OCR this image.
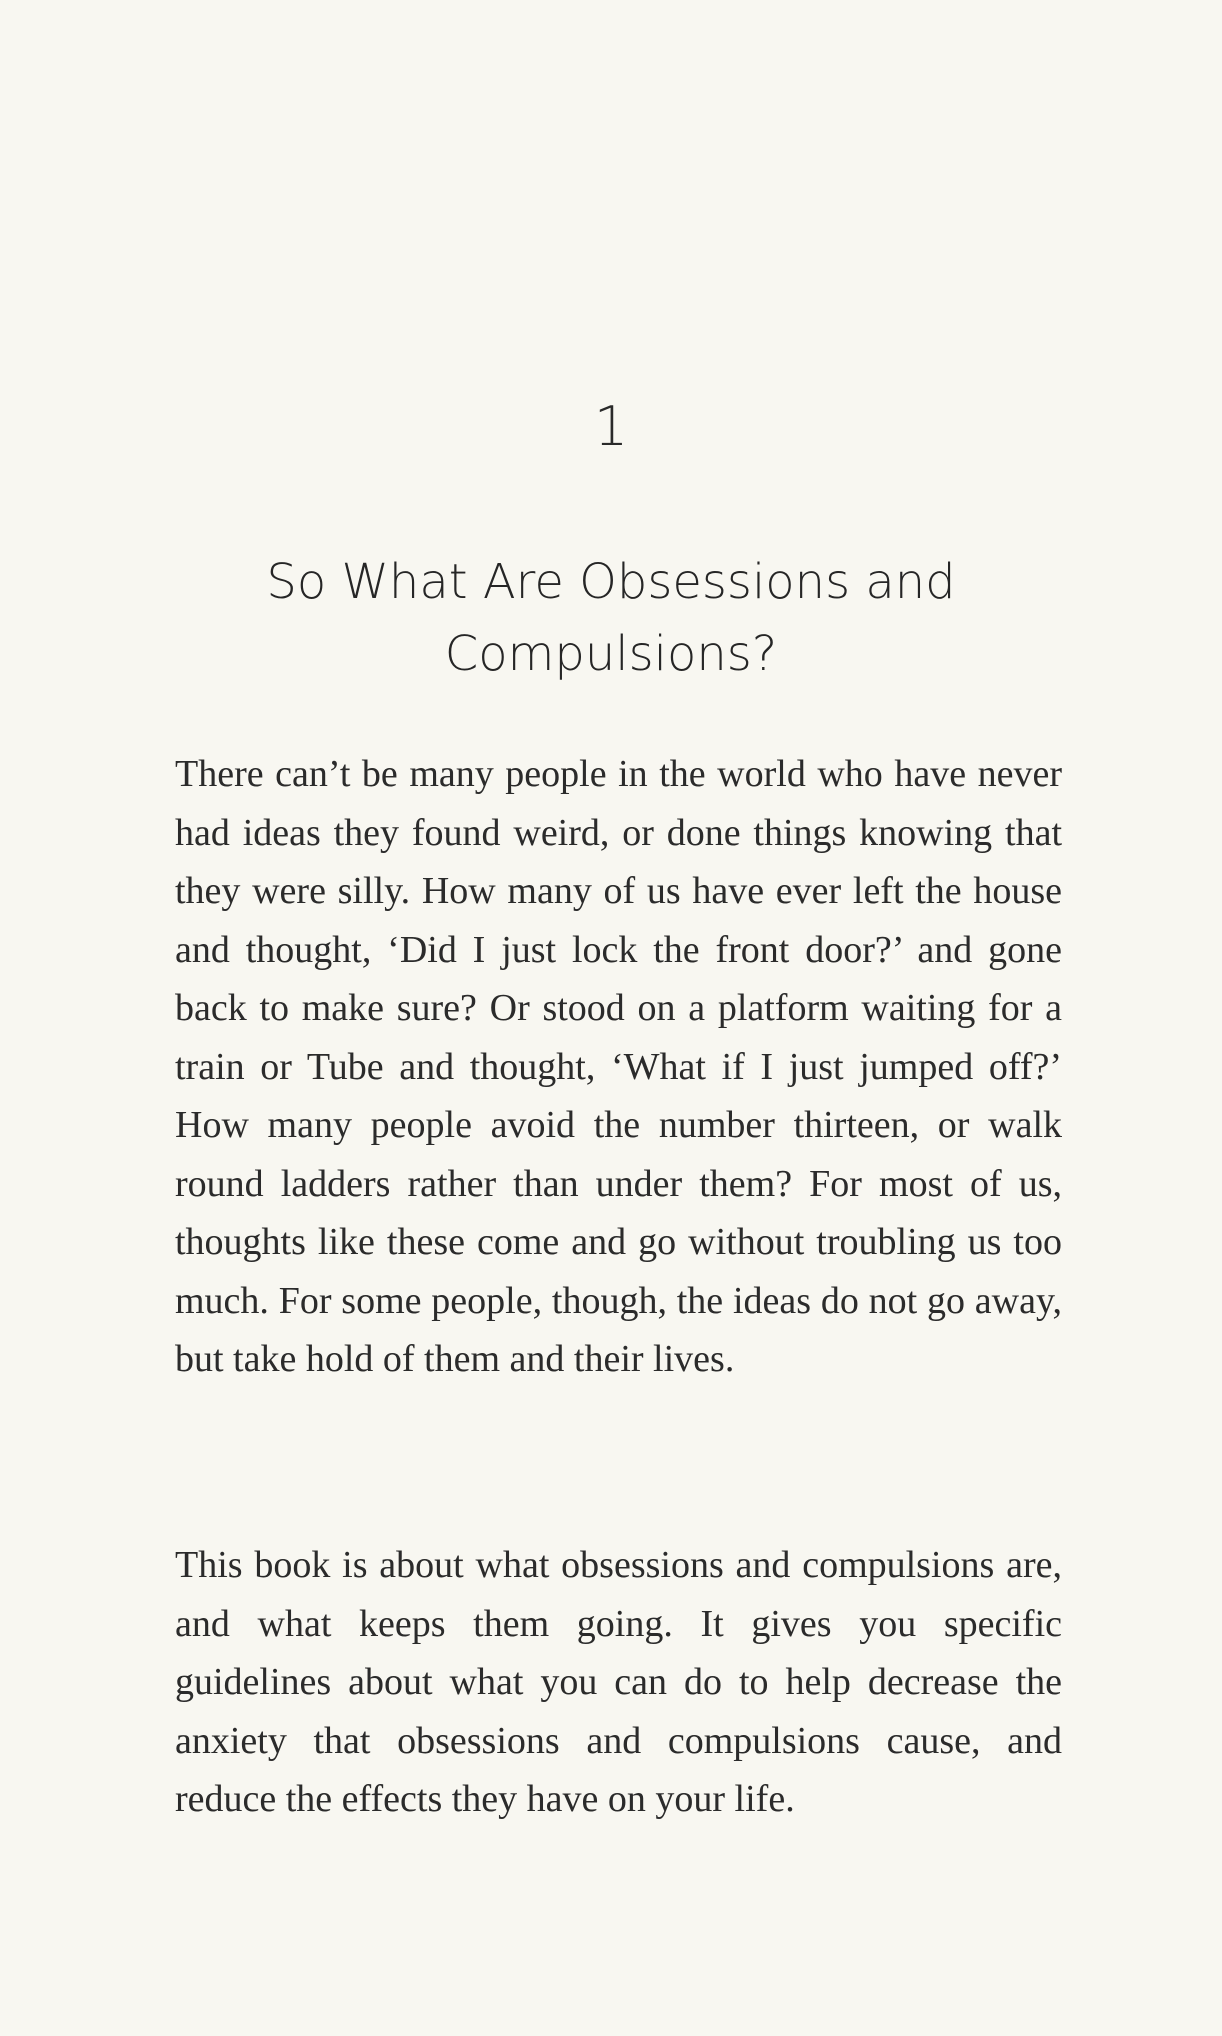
1
So What Are Obsessions and Compulsions?

There can’t be many people in the world who have never had ideas they found weird, or done things knowing that they were silly. How many of us have ever left the house and thought, ‘Did I just lock the front door?’ and gone back to make sure? Or stood on a platform waiting for a train or Tube and thought, ‘What if I just jumped off?’ How many people avoid the number thirteen, or walk round ladders rather than under them? For most of us, thoughts like these come and go without troubling us too much. For some people, though, the ideas do not go away, but take hold of them and their lives.

This book is about what obsessions and compulsions are, and what keeps them going. It gives you specific guidelines about what you can do to help decrease the anxiety that obsessions and compulsions cause, and reduce the effects they have on your life.
